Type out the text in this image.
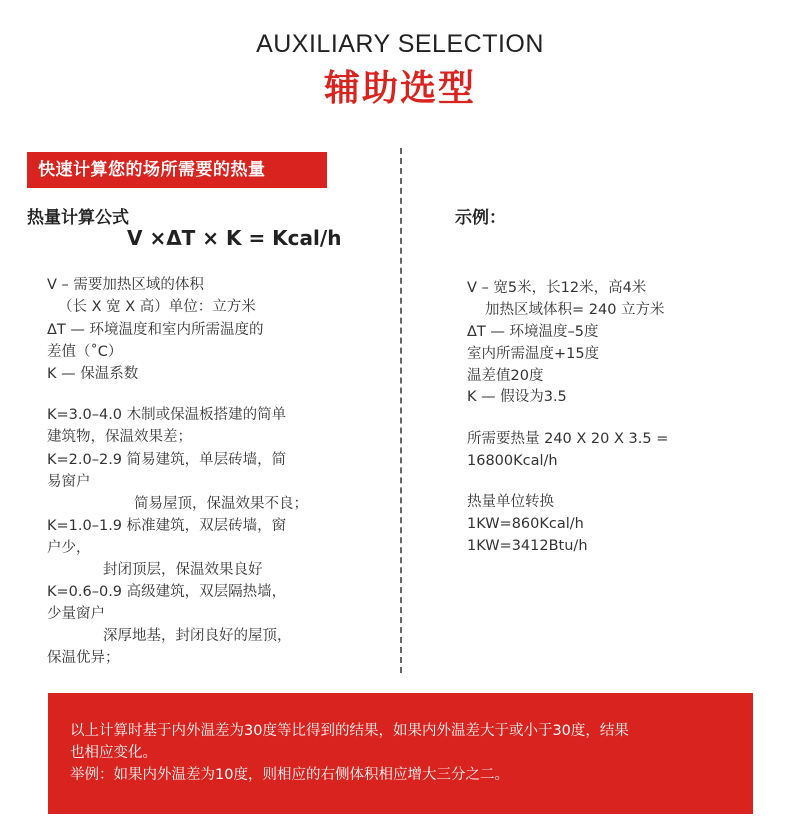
AUXILIARY SELECTION
辅助选型
快速计算您的场所需要的热量
热量计算公式
V ×ΔT × K = Kcal/h
V – 需要加热区域的体积
（长 X 宽 X 高）单位：立方米
ΔT — 环境温度和室内所需温度的
差值（˚C）
K — 保温系数
K=3.0–4.0 木制或保温板搭建的简单
建筑物，保温效果差；
K=2.0–2.9 简易建筑，单层砖墙，简
易窗户
简易屋顶，保温效果不良；
K=1.0–1.9 标准建筑，双层砖墙，窗
户少，
封闭顶层，保温效果良好
K=0.6–0.9 高级建筑，双层隔热墙，
少量窗户
深厚地基，封闭良好的屋顶，
保温优异；
示例：
V – 宽5米，长12米，高4米
加热区域体积= 240 立方米
ΔT — 环境温度–5度
室内所需温度+15度
温差值20度
K — 假设为3.5
所需要热量 240 X 20 X 3.5 =
16800Kcal/h
热量单位转换
1KW=860Kcal/h
1KW=3412Btu/h
以上计算时基于内外温差为30度等比得到的结果，如果内外温差大于或小于30度，结果
也相应变化。
举例：如果内外温差为10度，则相应的右侧体积相应增大三分之二。
